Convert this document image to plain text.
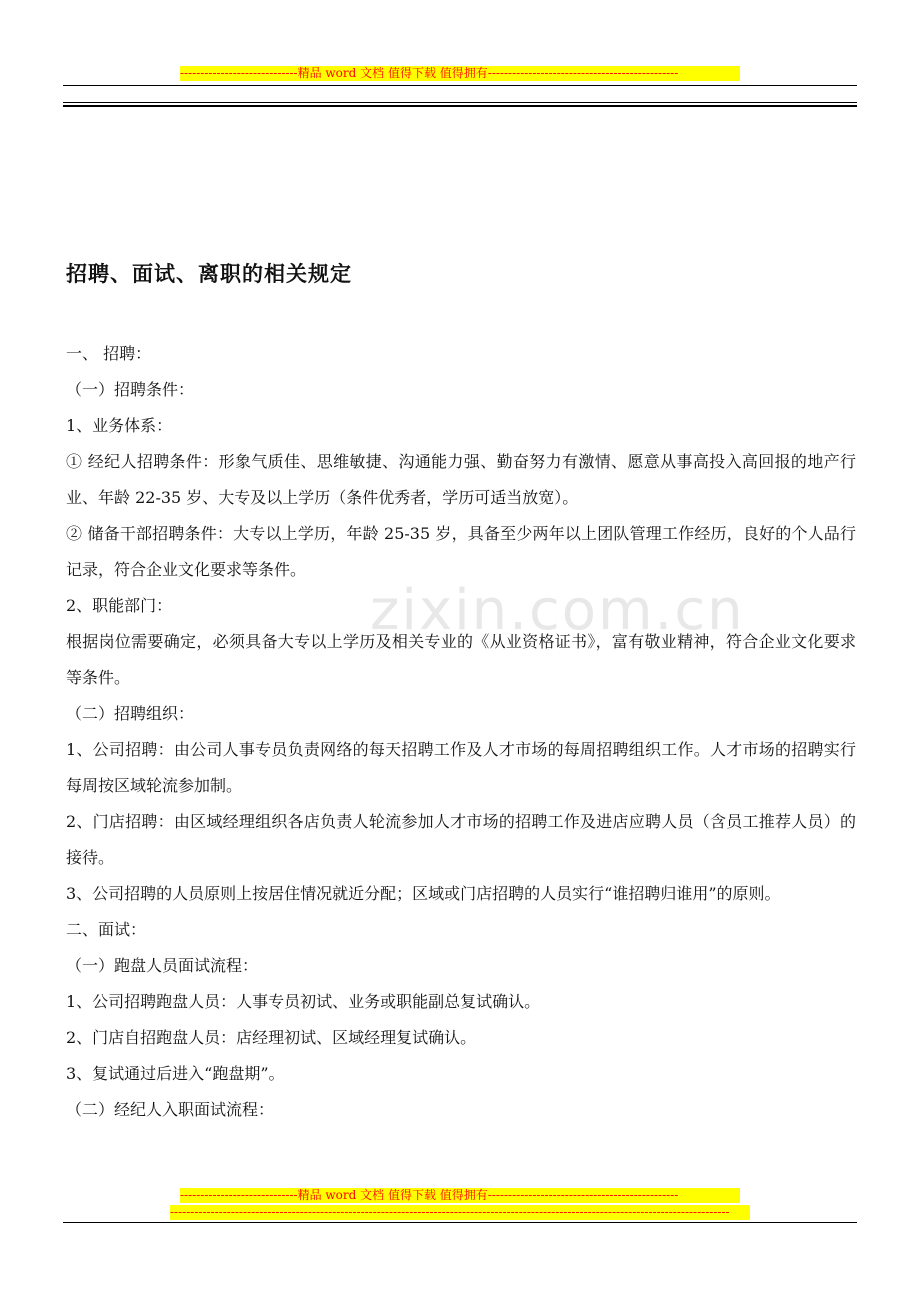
-----------------------------精品 word 文档 值得下载 值得拥有-----------------------------------------------
招聘、面试、离职的相关规定
zixin.com.cn

一、 招聘：

（一）招聘条件：

1、业务体系：

① 经纪人招聘条件：形象气质佳、思维敏捷、沟通能力强、勤奋努力有激情、愿意从事高投入高回报的地产行业、年龄 22-35 岁、大专及以上学历（条件优秀者，学历可适当放宽）。

② 储备干部招聘条件：大专以上学历，年龄 25-35 岁，具备至少两年以上团队管理工作经历，良好的个人品行记录，符合企业文化要求等条件。

2、职能部门：

根据岗位需要确定，必须具备大专以上学历及相关专业的《从业资格证书》，富有敬业精神，符合企业文化要求等条件。

（二）招聘组织：

1、公司招聘：由公司人事专员负责网络的每天招聘工作及人才市场的每周招聘组织工作。人才市场的招聘实行每周按区域轮流参加制。

2、门店招聘：由区域经理组织各店负责人轮流参加人才市场的招聘工作及进店应聘人员（含员工推荐人员）的接待。

3、公司招聘的人员原则上按居住情况就近分配；区域或门店招聘的人员实行“谁招聘归谁用”的原则。

二、面试：

（一）跑盘人员面试流程：

1、公司招聘跑盘人员：人事专员初试、业务或职能副总复试确认。

2、门店自招跑盘人员：店经理初试、区域经理复试确认。

3、复试通过后进入“跑盘期”。

（二）经纪人入职面试流程：

-----------------------------精品 word 文档 值得下载 值得拥有-----------------------------------------------
------------------------------------------------------------------------------------------------------------------------------------------
